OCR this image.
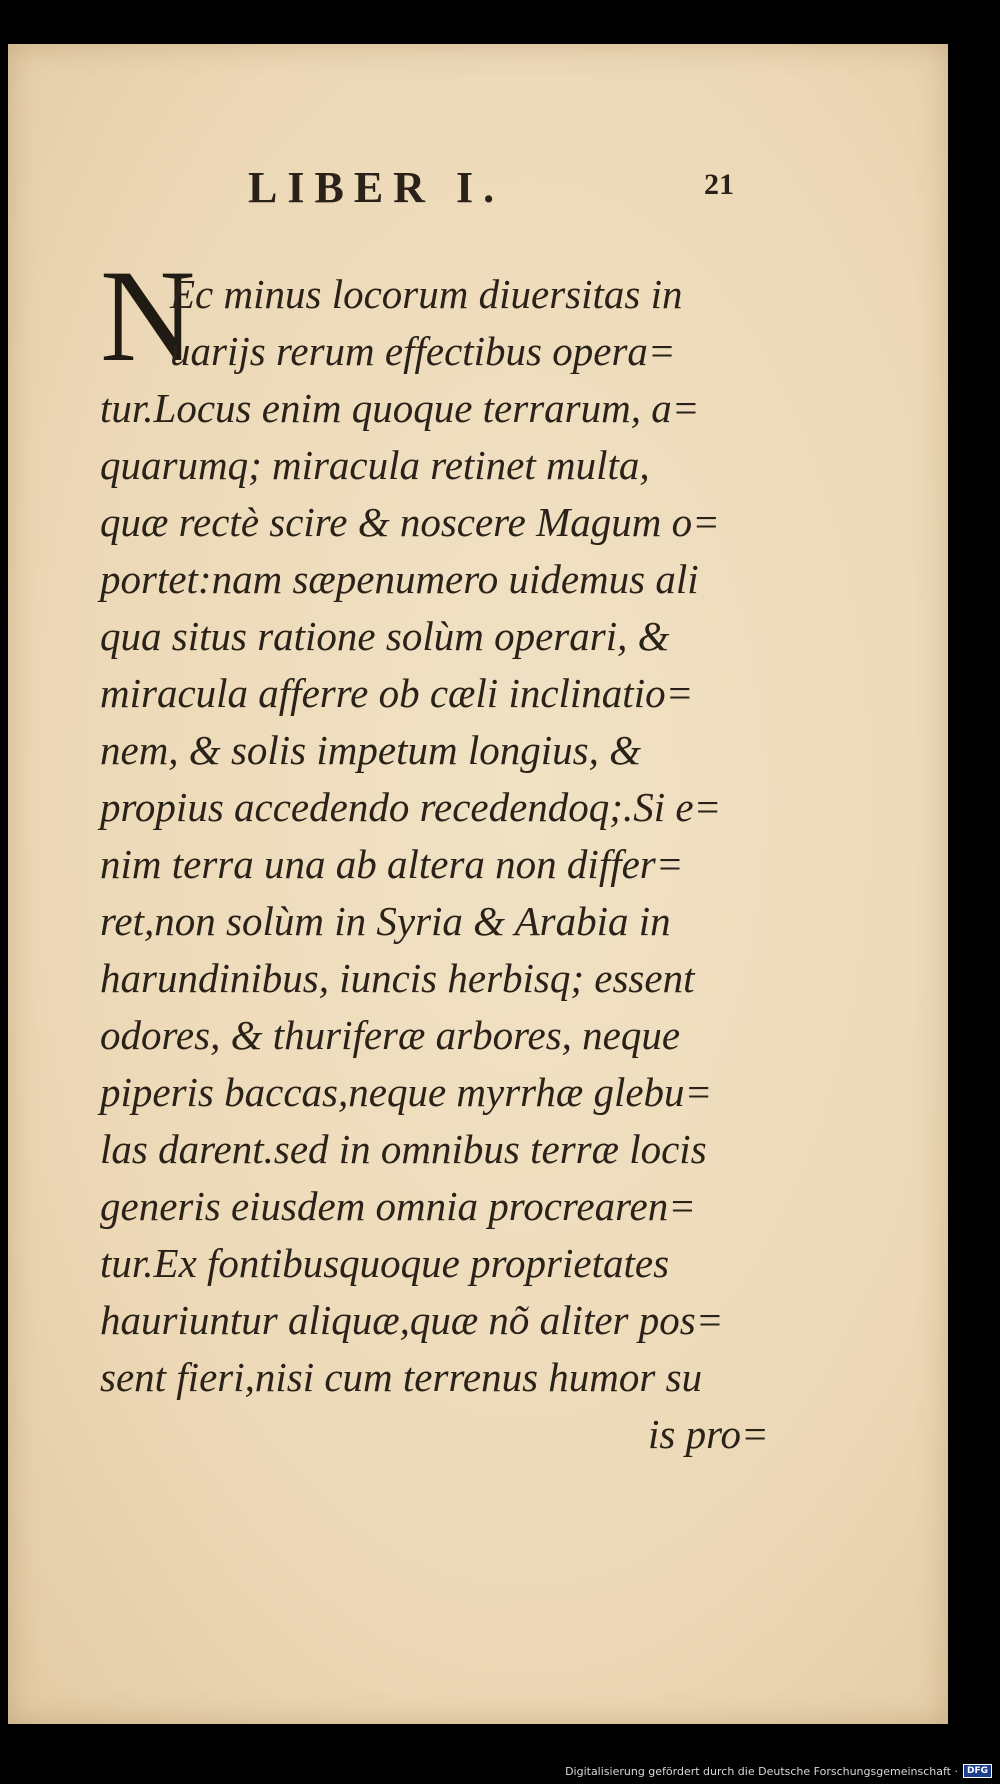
LIBER I.	21
N
Ec minus locorum diuersitas in
uarijs rerum effectibus opera=
tur.Locus enim quoque terrarum, a=
quarumq; miracula retinet multa,
quæ rectè scire & noscere Magum o=
portet:nam sæpenumero uidemus ali
qua situs ratione solùm operari, &
miracula afferre ob cæli inclinatio=
nem, & solis impetum longius, &
propius accedendo recedendoq;.Si e=
nim terra una ab altera non differ=
ret,non solùm in Syria & Arabia in
harundinibus, iuncis herbisq; essent
odores, & thuriferæ arbores, neque
piperis baccas,neque myrrhæ glebu=
las darent.sed in omnibus terræ locis
generis eiusdem omnia procrearen=
tur.Ex fontibusquoque proprietates
hauriuntur aliquæ,quæ nõ aliter pos=
sent fieri,nisi cum terrenus humor su
is pro=
Digitalisierung gefördert durch die Deutsche Forschungsgemeinschaft ·	DFG
